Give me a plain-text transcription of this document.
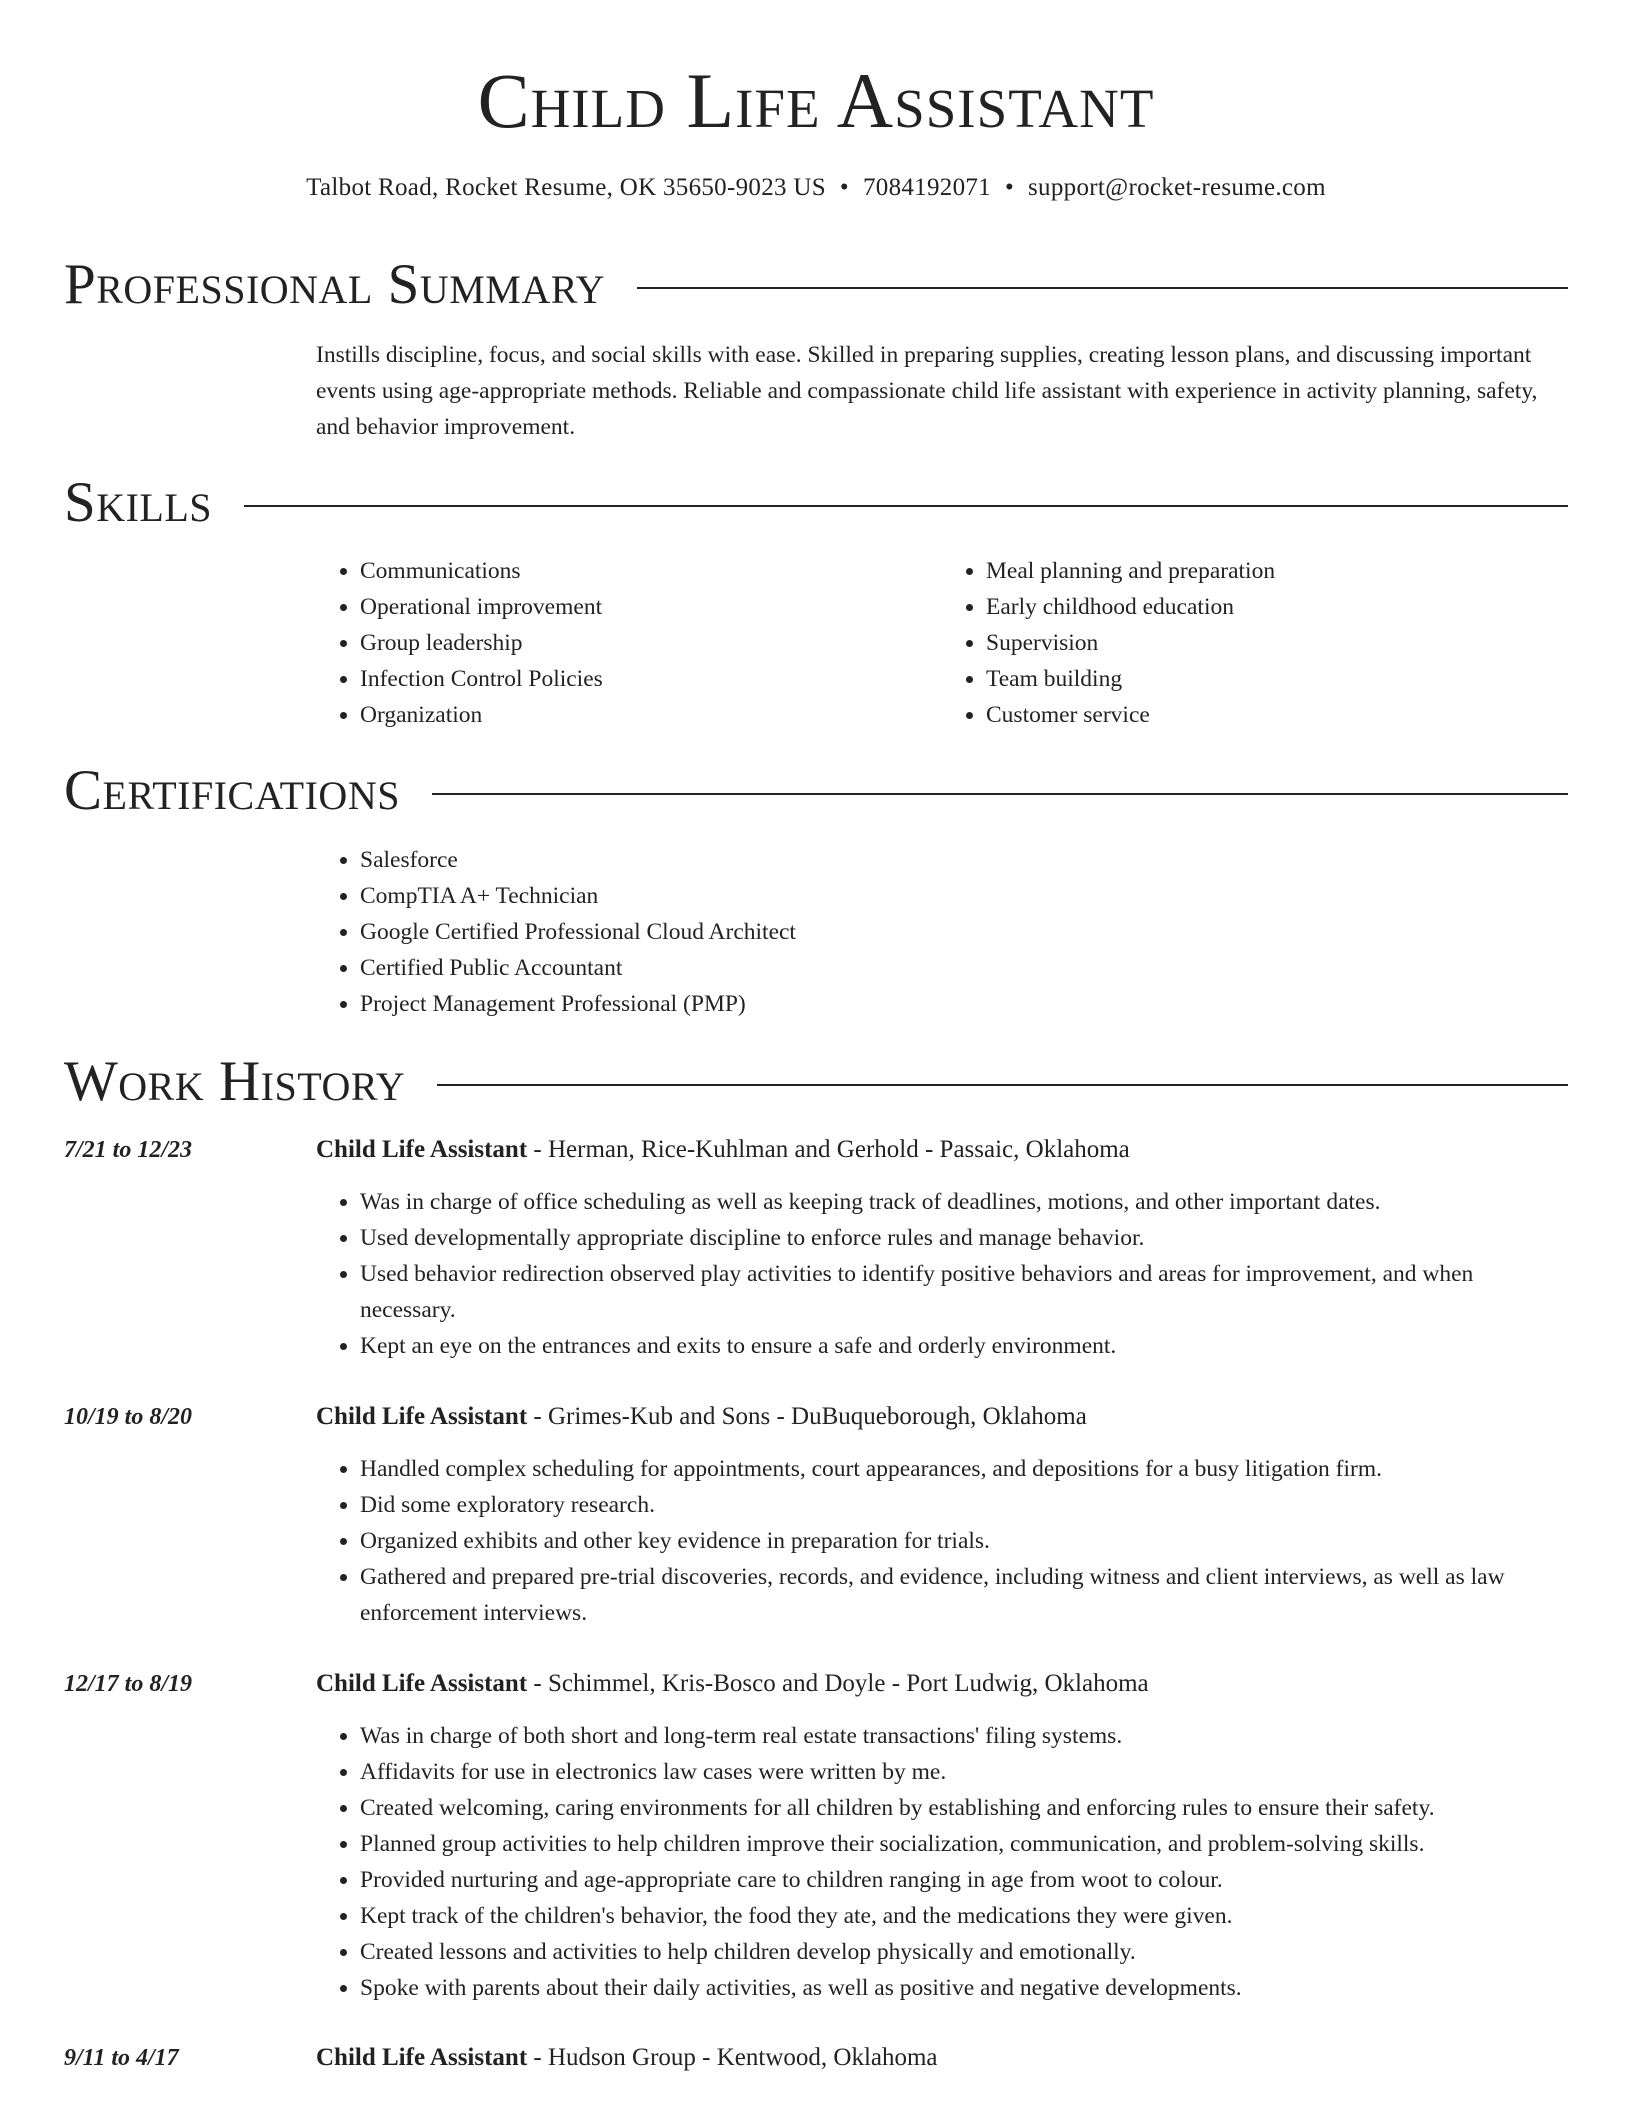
Child Life Assistant
Talbot Road, Rocket Resume, OK 35650-9023 US • 7084192071 • support@rocket-resume.com
Professional Summary

Instills discipline, focus, and social skills with ease. Skilled in preparing supplies, creating lesson plans, and discussing important events using age-appropriate methods. Reliable and compassionate child life assistant with experience in activity planning, safety, and behavior improvement.

Skills
• Communications
• Operational improvement
• Group leadership
• Infection Control Policies
• Organization
• Meal planning and preparation
• Early childhood education
• Supervision
• Team building
• Customer service
Certifications
• Salesforce
• CompTIA A+ Technician
• Google Certified Professional Cloud Architect
• Certified Public Accountant
• Project Management Professional (PMP)
Work History
7/21 to 12/23	Child Life Assistant - Herman, Rice-Kuhlman and Gerhold - Passaic, Oklahoma
• Was in charge of office scheduling as well as keeping track of deadlines, motions, and other important dates.
• Used developmentally appropriate discipline to enforce rules and manage behavior.
• Used behavior redirection observed play activities to identify positive behaviors and areas for improvement, and when necessary.
• Kept an eye on the entrances and exits to ensure a safe and orderly environment.
10/19 to 8/20	Child Life Assistant - Grimes-Kub and Sons - DuBuqueborough, Oklahoma
• Handled complex scheduling for appointments, court appearances, and depositions for a busy litigation firm.
• Did some exploratory research.
• Organized exhibits and other key evidence in preparation for trials.
• Gathered and prepared pre-trial discoveries, records, and evidence, including witness and client interviews, as well as law enforcement interviews.
12/17 to 8/19	Child Life Assistant - Schimmel, Kris-Bosco and Doyle - Port Ludwig, Oklahoma
• Was in charge of both short and long-term real estate transactions' filing systems.
• Affidavits for use in electronics law cases were written by me.
• Created welcoming, caring environments for all children by establishing and enforcing rules to ensure their safety.
• Planned group activities to help children improve their socialization, communication, and problem-solving skills.
• Provided nurturing and age-appropriate care to children ranging in age from woot to colour.
• Kept track of the children's behavior, the food they ate, and the medications they were given.
• Created lessons and activities to help children develop physically and emotionally.
• Spoke with parents about their daily activities, as well as positive and negative developments.
9/11 to 4/17	Child Life Assistant - Hudson Group - Kentwood, Oklahoma
